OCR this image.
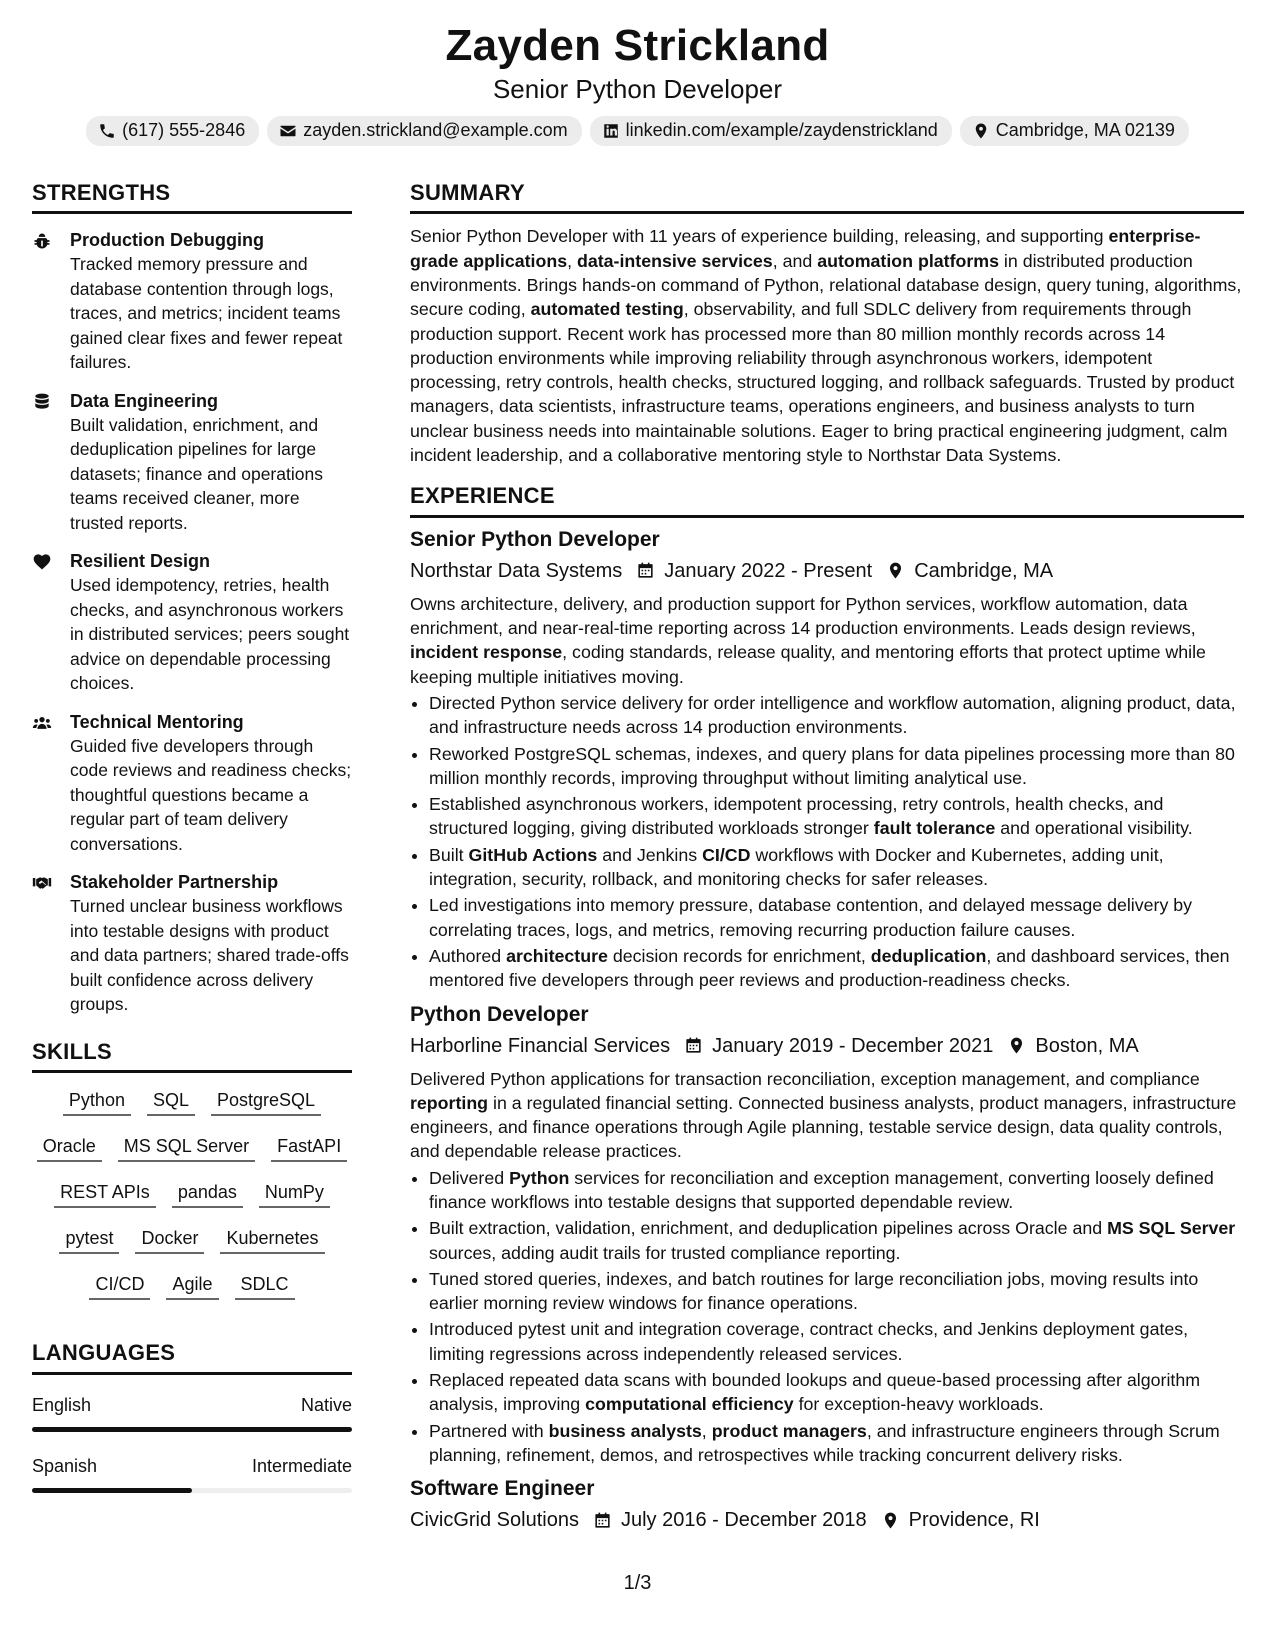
Zayden Strickland
Senior Python Developer
(617) 555-2846	zayden.strickland@example.com	linkedin.com/example/zaydenstrickland	Cambridge, MA 02139
STRENGTHS
Production Debugging
Tracked memory pressure and database contention through logs, traces, and metrics; incident teams gained clear fixes and fewer repeat failures.
Data Engineering
Built validation, enrichment, and deduplication pipelines for large datasets; finance and operations teams received cleaner, more trusted reports.
Resilient Design
Used idempotency, retries, health checks, and asynchronous workers in distributed services; peers sought advice on dependable processing choices.
Technical Mentoring
Guided five developers through code reviews and readiness checks; thoughtful questions became a regular part of team delivery conversations.
Stakeholder Partnership
Turned unclear business workflows into testable designs with product and data partners; shared trade-offs built confidence across delivery groups.
SKILLS
Python	SQL	PostgreSQL
Oracle	MS SQL Server	FastAPI
REST APIs	pandas	NumPy
pytest	Docker	Kubernetes
CI/CD	Agile	SDLC
LANGUAGES
English	Native
Spanish	Intermediate
SUMMARY

Senior Python Developer with 11 years of experience building, releasing, and supporting enterprise-grade applications, data-intensive services, and automation platforms in distributed production environments. Brings hands-on command of Python, relational database design, query tuning, algorithms, secure coding, automated testing, observability, and full SDLC delivery from requirements through production support. Recent work has processed more than 80 million monthly records across 14 production environments while improving reliability through asynchronous workers, idempotent processing, retry controls, health checks, structured logging, and rollback safeguards. Trusted by product managers, data scientists, infrastructure teams, operations engineers, and business analysts to turn unclear business needs into maintainable solutions. Eager to bring practical engineering judgment, calm incident leadership, and a collaborative mentoring style to Northstar Data Systems.

EXPERIENCE
Senior Python Developer
Northstar Data Systems January 2022 - Present Cambridge, MA
Owns architecture, delivery, and production support for Python services, workflow automation, data enrichment, and near-real-time reporting across 14 production environments. Leads design reviews, incident response, coding standards, release quality, and mentoring efforts that protect uptime while keeping multiple initiatives moving.
• Directed Python service delivery for order intelligence and workflow automation, aligning product, data, and infrastructure needs across 14 production environments.
• Reworked PostgreSQL schemas, indexes, and query plans for data pipelines processing more than 80 million monthly records, improving throughput without limiting analytical use.
• Established asynchronous workers, idempotent processing, retry controls, health checks, and structured logging, giving distributed workloads stronger fault tolerance and operational visibility.
• Built GitHub Actions and Jenkins CI/CD workflows with Docker and Kubernetes, adding unit, integration, security, rollback, and monitoring checks for safer releases.
• Led investigations into memory pressure, database contention, and delayed message delivery by correlating traces, logs, and metrics, removing recurring production failure causes.
• Authored architecture decision records for enrichment, deduplication, and dashboard services, then mentored five developers through peer reviews and production-readiness checks.
Python Developer
Harborline Financial Services January 2019 - December 2021 Boston, MA
Delivered Python applications for transaction reconciliation, exception management, and compliance reporting in a regulated financial setting. Connected business analysts, product managers, infrastructure engineers, and finance operations through Agile planning, testable service design, data quality controls, and dependable release practices.
• Delivered Python services for reconciliation and exception management, converting loosely defined finance workflows into testable designs that supported dependable review.
• Built extraction, validation, enrichment, and deduplication pipelines across Oracle and MS SQL Server sources, adding audit trails for trusted compliance reporting.
• Tuned stored queries, indexes, and batch routines for large reconciliation jobs, moving results into earlier morning review windows for finance operations.
• Introduced pytest unit and integration coverage, contract checks, and Jenkins deployment gates, limiting regressions across independently released services.
• Replaced repeated data scans with bounded lookups and queue-based processing after algorithm analysis, improving computational efficiency for exception-heavy workloads.
• Partnered with business analysts, product managers, and infrastructure engineers through Scrum planning, refinement, demos, and retrospectives while tracking concurrent delivery risks.
Software Engineer
CivicGrid Solutions July 2016 - December 2018 Providence, RI
1/3
